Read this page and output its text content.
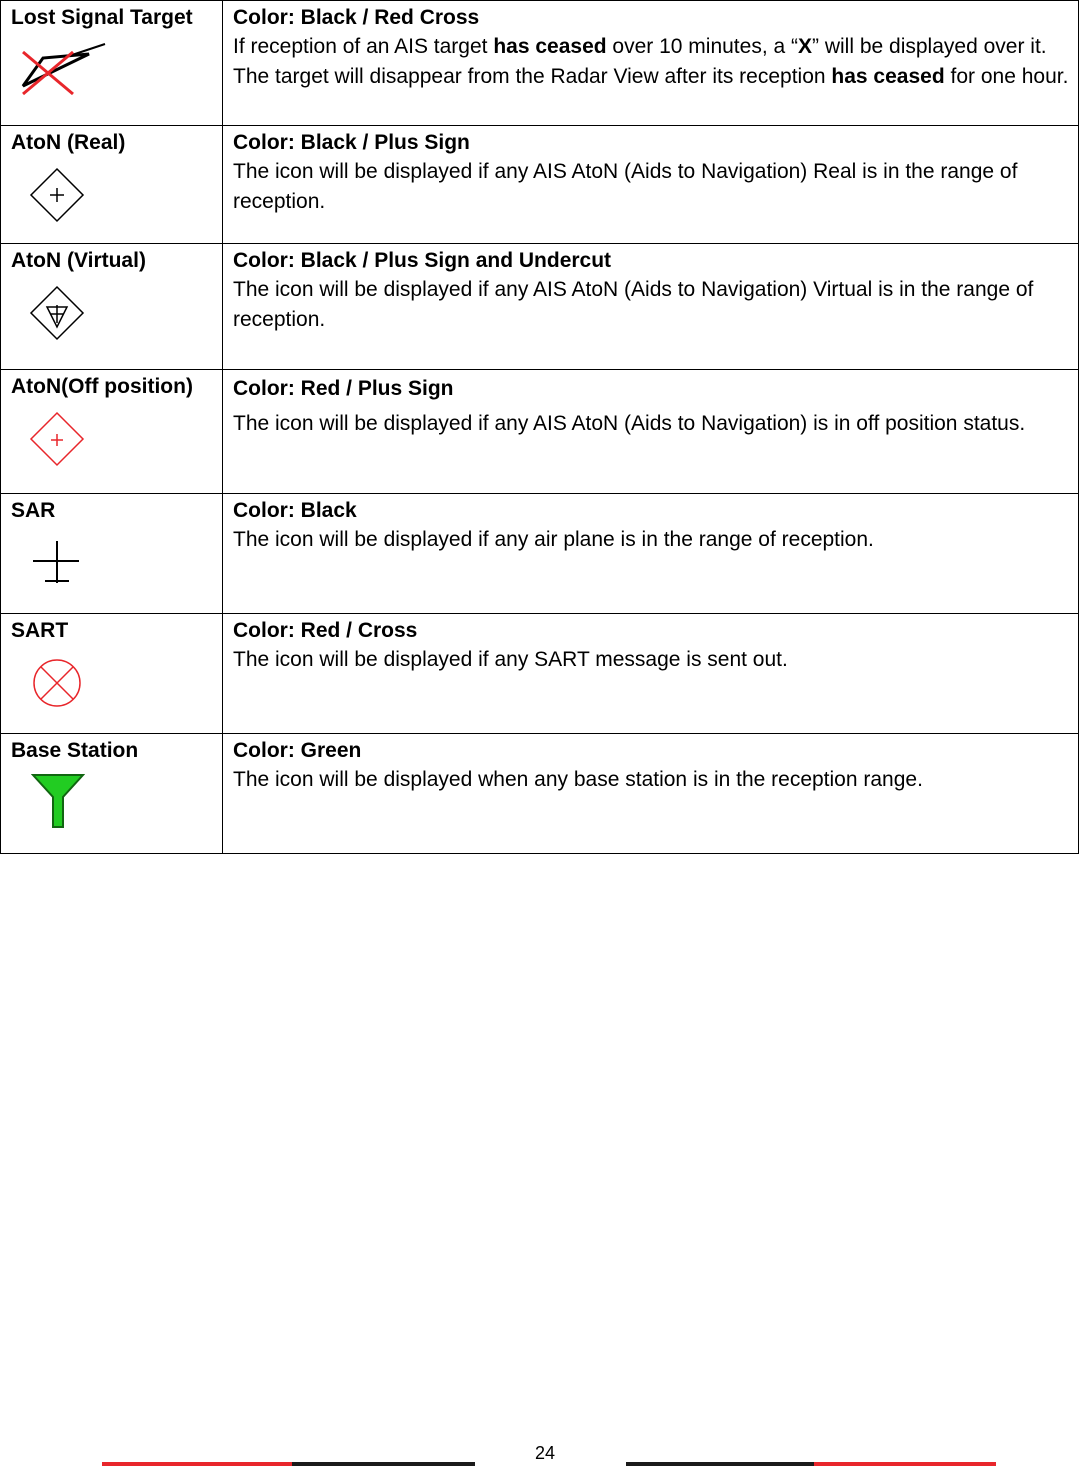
Lost Signal Target	Color: Black / Red Cross
If reception of an AIS target has ceased over 10 minutes, a “X” will be displayed over it. The target will disappear from the Radar View after its reception has ceased for one hour.

AtoN (Real)	Color: Black / Plus Sign
The icon will be displayed if any AIS AtoN (Aids to Navigation) Real is in the range of reception.

AtoN (Virtual)	Color: Black / Plus Sign and Undercut
The icon will be displayed if any AIS AtoN (Aids to Navigation) Virtual is in the range of reception.

AtoN(Off position)	Color: Red / Plus Sign
The icon will be displayed if any AIS AtoN (Aids to Navigation) is in off position status.

SAR	Color: Black
The icon will be displayed if any air plane is in the range of reception.

SART	Color: Red / Cross
The icon will be displayed if any SART message is sent out.

Base Station	Color: Green
The icon will be displayed when any base station is in the reception range.
24
